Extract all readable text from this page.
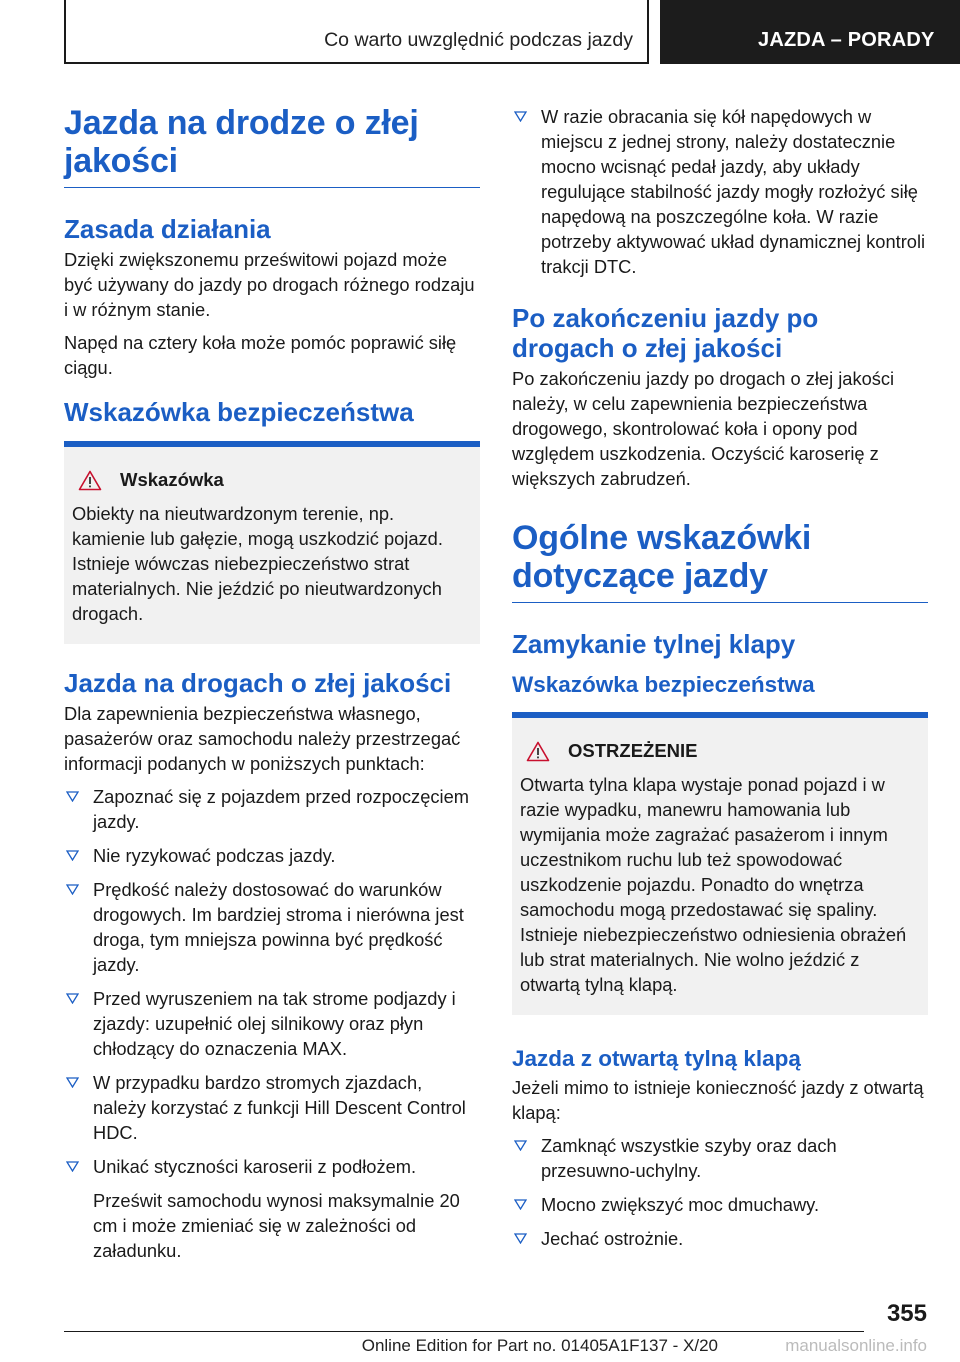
Co warto uwzględnić podczas jazdy	JAZDA – PORADY
Jazda na drodze o złej jakości
Zasada działania

Dzięki zwiększonemu prześwitowi pojazd może być używany do jazdy po drogach różnego rodzaju i w różnym stanie.

Napęd na cztery koła może pomóc poprawić siłę ciągu.

Wskazówka bezpieczeństwa
Wskazówka

Obiekty na nieutwardzonym terenie, np. kamienie lub gałęzie, mogą uszkodzić pojazd. Istnieje wówczas niebezpieczeństwo strat materialnych. Nie jeździć po nieutwardzonych drogach.

Jazda na drogach o złej jakości

Dla zapewnienia bezpieczeństwa własnego, pasażerów oraz samochodu należy przestrzegać informacji podanych w poniższych punktach:

Zapoznać się z pojazdem przed rozpoczęciem jazdy.
Nie ryzykować podczas jazdy.
Prędkość należy dostosować do warunków drogowych. Im bardziej stroma i nierówna jest droga, tym mniejsza powinna być prędkość jazdy.
Przed wyruszeniem na tak strome podjazdy i zjazdy: uzupełnić olej silnikowy oraz płyn chłodzący do oznaczenia MAX.
W przypadku bardzo stromych zjazdach, należy korzystać z funkcji Hill Descent Control HDC.
Unikać styczności karoserii z podłożem.

Prześwit samochodu wynosi maksymalnie 20 cm i może zmieniać się w zależności od załadunku.

W razie obracania się kół napędowych w miejscu z jednej strony, należy dostatecznie mocno wcisnąć pedał jazdy, aby układy regulujące stabilność jazdy mogły rozłożyć siłę napędową na poszczególne koła. W razie potrzeby aktywować układ dynamicznej kontroli trakcji DTC.
Po zakończeniu jazdy po drogach o złej jakości

Po zakończeniu jazdy po drogach o złej jakości należy, w celu zapewnienia bezpieczeństwa drogowego, skontrolować koła i opony pod względem uszkodzenia. Oczyścić karoserię z większych zabrudzeń.

Ogólne wskazówki dotyczące jazdy
Zamykanie tylnej klapy
Wskazówka bezpieczeństwa
OSTRZEŻENIE

Otwarta tylna klapa wystaje ponad pojazd i w razie wypadku, manewru hamowania lub wymijania może zagrażać pasażerom i innym uczestnikom ruchu lub też spowodować uszkodzenie pojazdu. Ponadto do wnętrza samochodu mogą przedostawać się spaliny. Istnieje niebezpieczeństwo odniesienia obrażeń lub strat materialnych. Nie wolno jeździć z otwartą tylną klapą.

Jazda z otwartą tylną klapą

Jeżeli mimo to istnieje konieczność jazdy z otwartą klapą:

Zamknąć wszystkie szyby oraz dach przesuwno-uchylny.
Mocno zwiększyć moc dmuchawy.
Jechać ostrożnie.
355
Online Edition for Part no. 01405A1F137 - X/20	manualsonline.info
